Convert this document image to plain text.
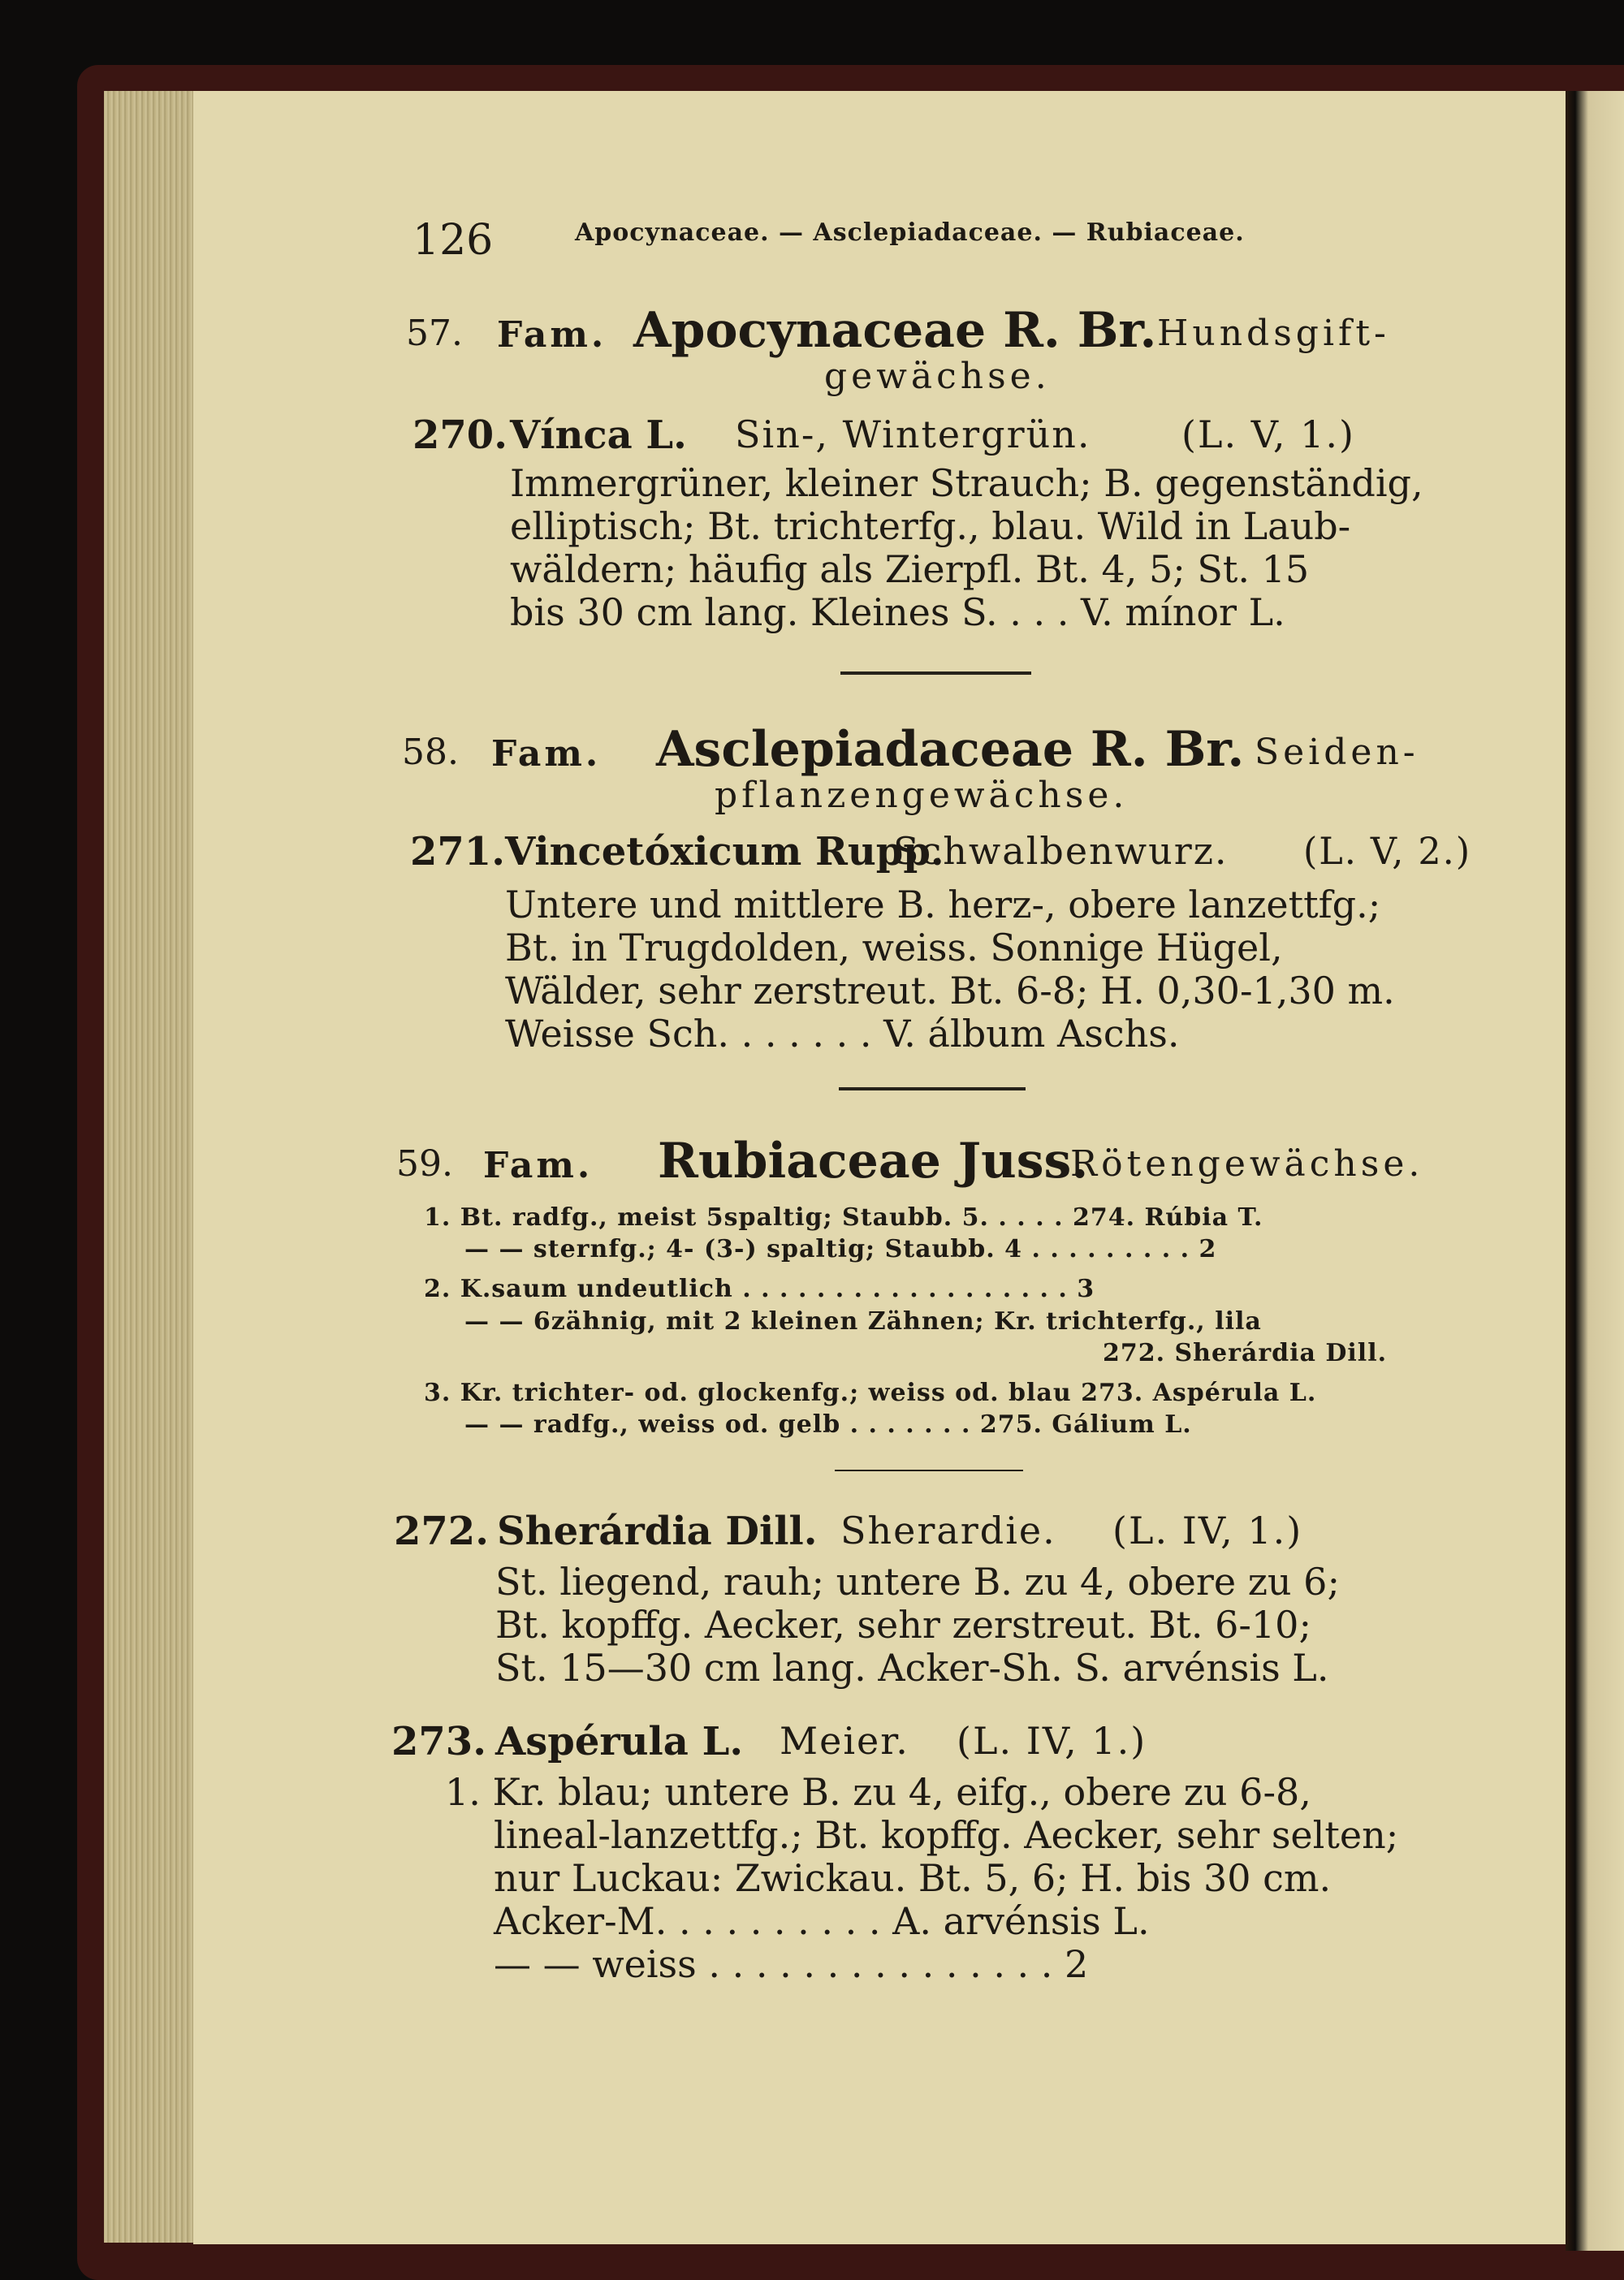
126	Apocynaceae. — Asclepiadaceae. — Rubiaceae.
57. Fam. Apocynaceae R. Br. Hundsgift-
gewächse.
270. Vínca L. Sin-, Wintergrün. (L. V, 1.)
Immergrüner, kleiner Strauch; B. gegenständig,
elliptisch; Bt. trichterfg., blau. Wild in Laub-
wäldern; häufig als Zierpfl. Bt. 4, 5; St. 15
bis 30 cm lang. Kleines S. . . . V. mínor L.
58. Fam. Asclepiadaceae R. Br. Seiden-
pflanzengewächse.
271. Vincetóxicum Rupp.
Schwalbenwurz. (L. V, 2.)
Untere und mittlere B. herz-, obere lanzettfg.;
Bt. in Trugdolden, weiss. Sonnige Hügel,
Wälder, sehr zerstreut. Bt. 6-8; H. 0,30-1,30 m.
Weisse Sch. . . . . . . V. álbum Aschs.
59. Fam. Rubiaceae Juss.
Rötengewächse.
1. Bt. radfg., meist 5spaltig; Staubb. 5. . . . . 274. Rúbia T.
— — sternfg.; 4- (3-) spaltig; Staubb. 4 . . . . . . . . . 2
2. K.saum undeutlich . . . . . . . . . . . . . . . . . . 3
— — 6zähnig, mit 2 kleinen Zähnen; Kr. trichterfg., lila
272. Sherárdia Dill.
3. Kr. trichter- od. glockenfg.; weiss od. blau 273. Aspérula L.
— — radfg., weiss od. gelb . . . . . . . 275. Gálium L.
272. Sherárdia Dill. Sherardie. (L. IV, 1.)
St. liegend, rauh; untere B. zu 4, obere zu 6;
Bt. kopffg. Aecker, sehr zerstreut. Bt. 6-10;
St. 15—30 cm lang. Acker-Sh. S. arvénsis L.
273. Aspérula L. Meier. (L. IV, 1.)
1. Kr. blau; untere B. zu 4, eifg., obere zu 6-8,
lineal-lanzettfg.; Bt. kopffg. Aecker, sehr selten;
nur Luckau: Zwickau. Bt. 5, 6; H. bis 30 cm.
Acker-M. . . . . . . . . . A. arvénsis L.
— — weiss . . . . . . . . . . . . . . . 2
